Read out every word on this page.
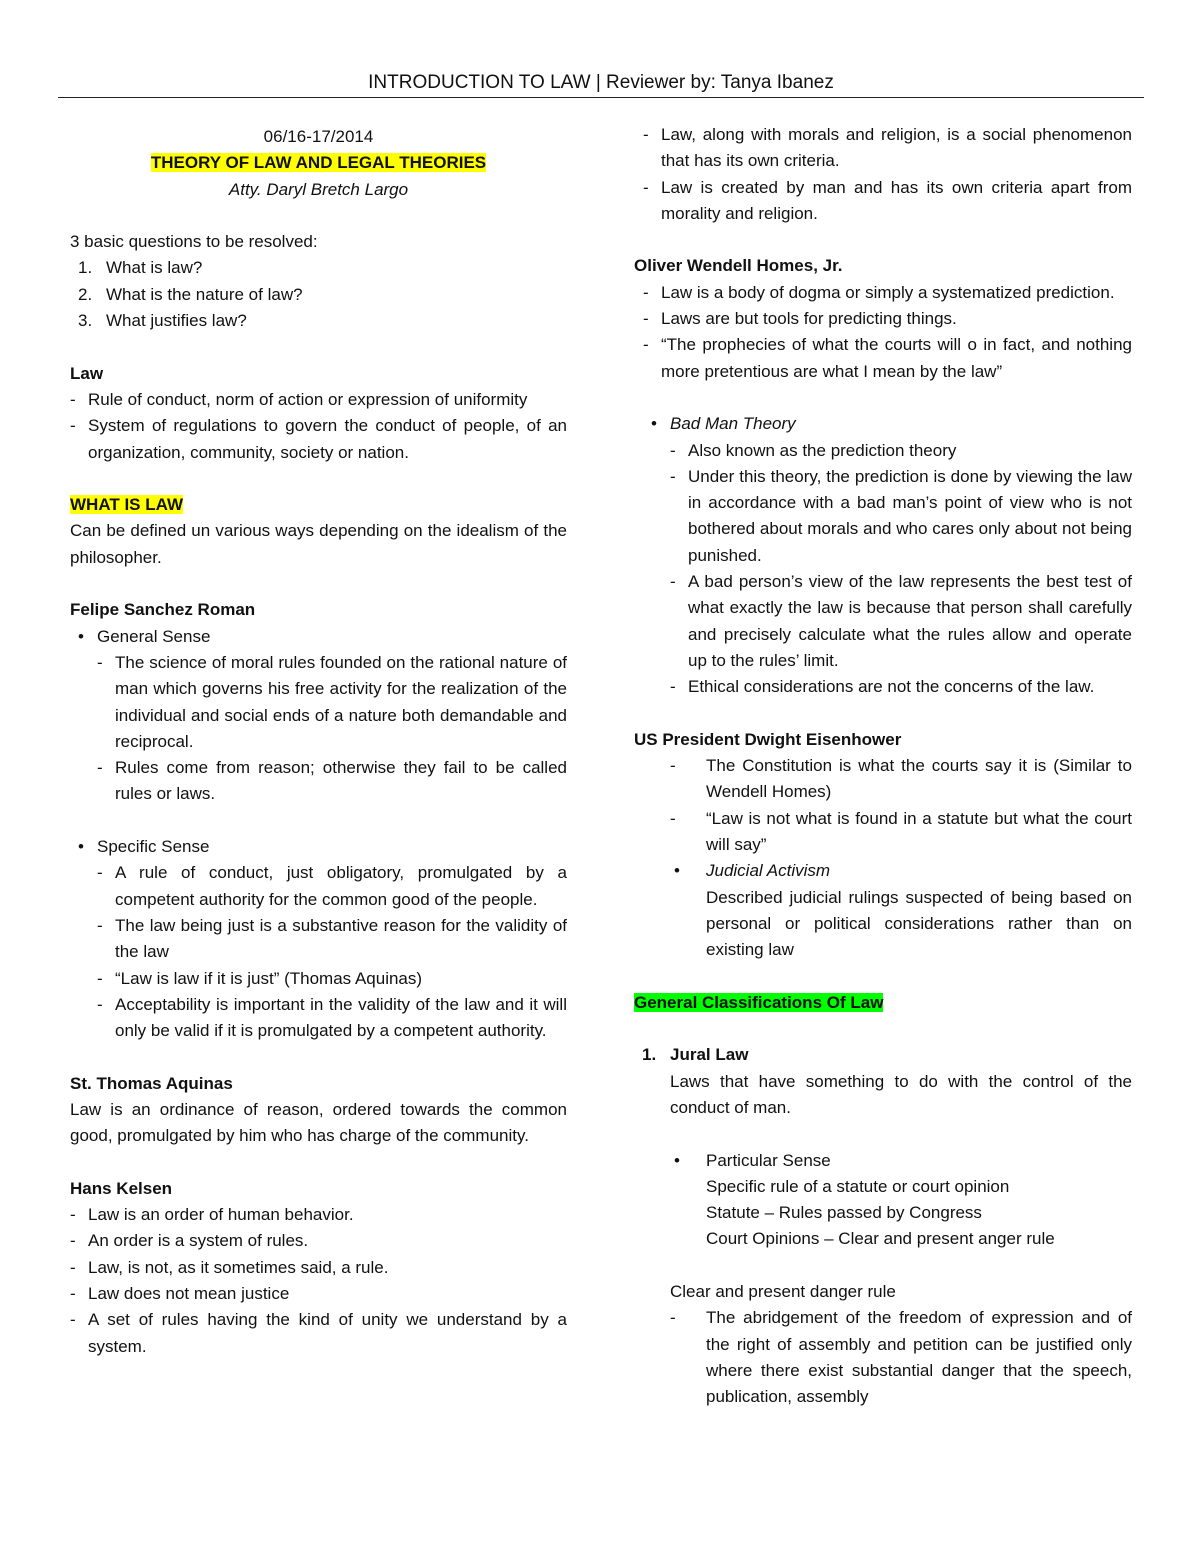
INTRODUCTION TO LAW | Reviewer by: Tanya Ibanez

06/16-17/2014

THEORY OF LAW AND LEGAL THEORIES

Atty. Daryl Bretch Largo

3 basic questions to be resolved:

1. What is law?
2. What is the nature of law?
3. What justifies law?

Law

- Rule of conduct, norm of action or expression of uniformity
- System of regulations to govern the conduct of people, of an organization, community, society or nation.

WHAT IS LAW

Can be defined un various ways depending on the idealism of the philosopher.

Felipe Sanchez Roman

• General Sense
- The science of moral rules founded on the rational nature of man which governs his free activity for the realization of the individual and social ends of a nature both demandable and reciprocal.
- Rules come from reason; otherwise they fail to be called rules or laws.
• Specific Sense
- A rule of conduct, just obligatory, promulgated by a competent authority for the common good of the people.
- The law being just is a substantive reason for the validity of the law
- “Law is law if it is just” (Thomas Aquinas)
- Acceptability is important in the validity of the law and it will only be valid if it is promulgated by a competent authority.

St. Thomas Aquinas

Law is an ordinance of reason, ordered towards the common good, promulgated by him who has charge of the community.

Hans Kelsen

- Law is an order of human behavior.
- An order is a system of rules.
- Law, is not, as it sometimes said, a rule.
- Law does not mean justice
- A set of rules having the kind of unity we understand by a system.
- Law, along with morals and religion, is a social phenomenon that has its own criteria.
- Law is created by man and has its own criteria apart from morality and religion.

Oliver Wendell Homes, Jr.

- Law is a body of dogma or simply a systematized prediction.
- Laws are but tools for predicting things.
- “The prophecies of what the courts will o in fact, and nothing more pretentious are what I mean by the law”
• Bad Man Theory
- Also known as the prediction theory
- Under this theory, the prediction is done by viewing the law in accordance with a bad man’s point of view who is not bothered about morals and who cares only about not being punished.
- A bad person’s view of the law represents the best test of what exactly the law is because that person shall carefully and precisely calculate what the rules allow and operate up to the rules’ limit.
- Ethical considerations are not the concerns of the law.

US President Dwight Eisenhower

- The Constitution is what the courts say it is (Similar to Wendell Homes)
- “Law is not what is found in a statute but what the court will say”
• Judicial Activism

Described judicial rulings suspected of being based on personal or political considerations rather than on existing law

General Classifications Of Law

1. Jural Law

Laws that have something to do with the control of the conduct of man.

• Particular Sense

Specific rule of a statute or court opinion

Statute – Rules passed by Congress

Court Opinions – Clear and present anger rule

Clear and present danger rule

- The abridgement of the freedom of expression and of the right of assembly and petition can be justified only where there exist substantial danger that the speech, publication, assembly
